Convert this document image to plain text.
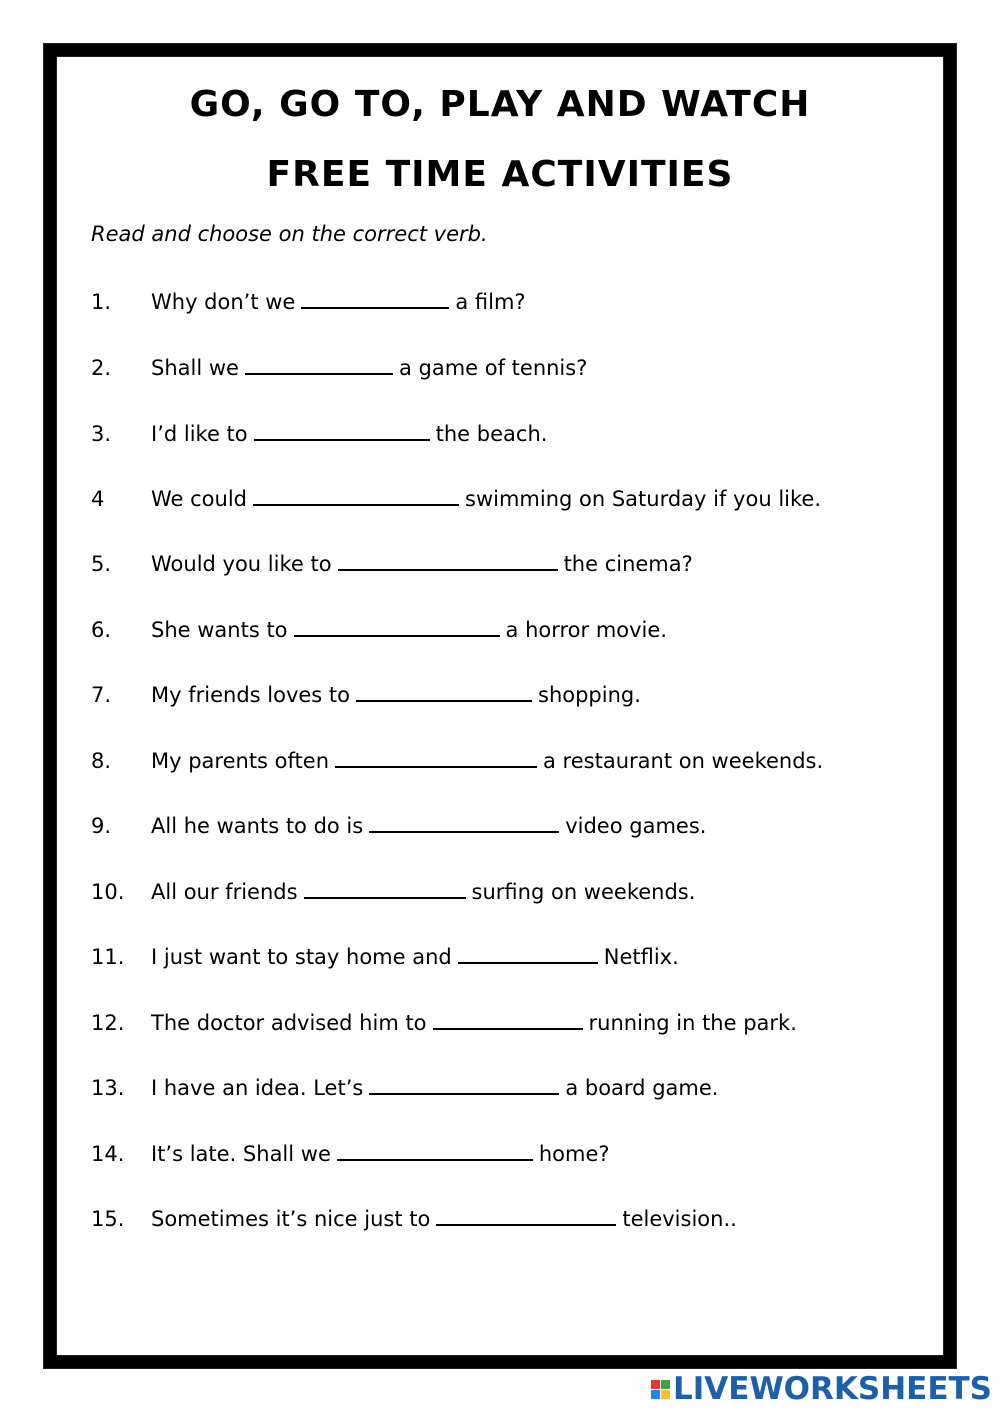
GO, GO TO, PLAY AND WATCH
FREE TIME ACTIVITIES

Read and choose on the correct verb.

1. Why don’t we	a film?
2. Shall we	a game of tennis?
3. I’d like to	the beach.
4 We could	swimming on Saturday if you like.
5. Would you like to	the cinema?
6. She wants to	a horror movie.
7. My friends loves to	shopping.
8. My parents often	a restaurant on weekends.
9. All he wants to do is	video games.
10. All our friends	surfing on weekends.
11. I just want to stay home and	Netflix.
12. The doctor advised him to	running in the park.
13. I have an idea. Let’s	a board game.
14. It’s late. Shall we	home?
15. Sometimes it’s nice just to	television..
LIVEWORKSHEETS
